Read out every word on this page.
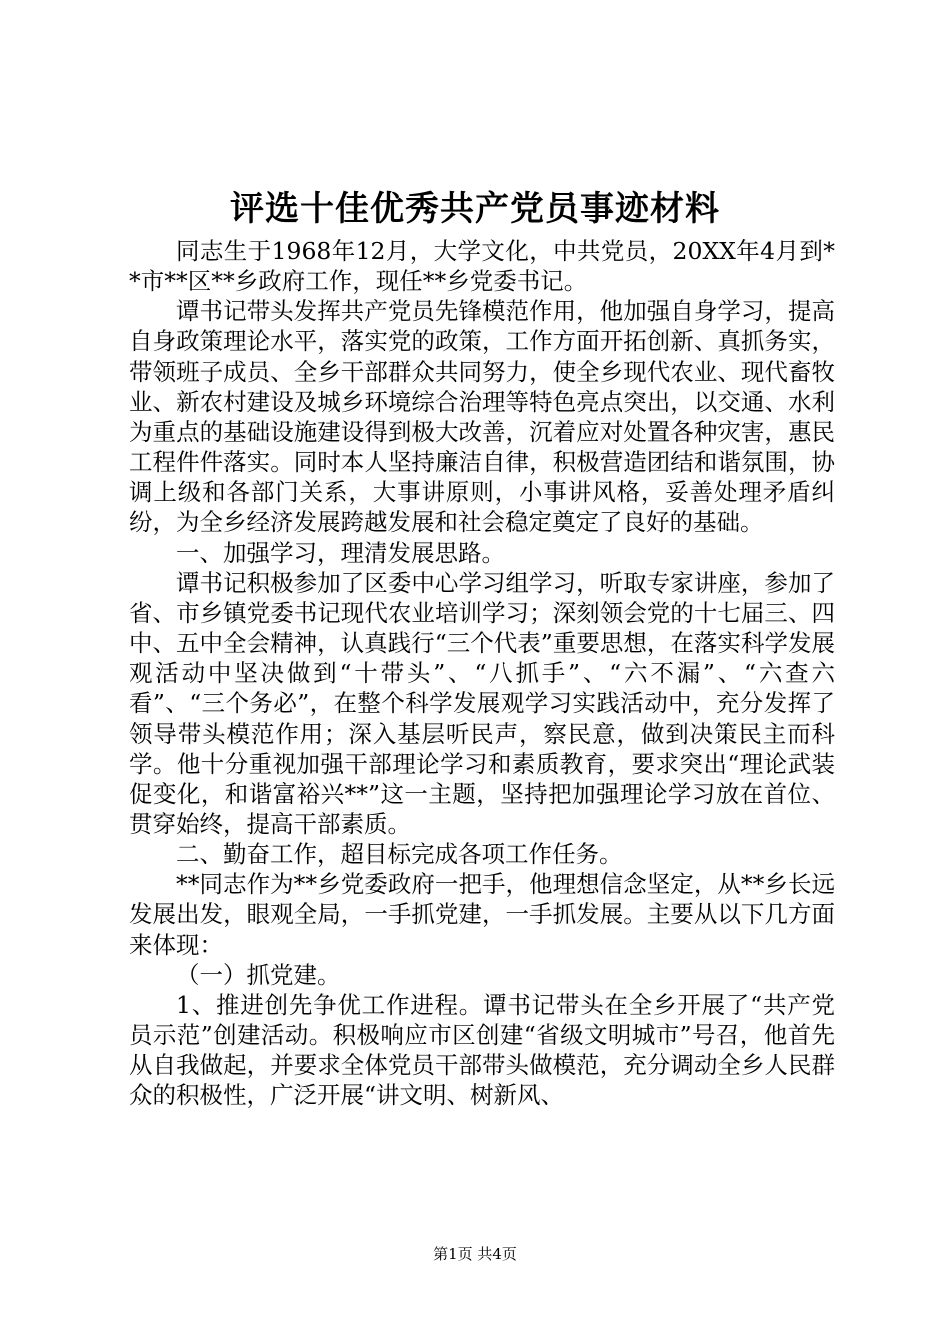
评选十佳优秀共产党员事迹材料

同志生于1968年12月，大学文化，中共党员，20XX年4月到**市**区**乡政府工作，现任**乡党委书记。

谭书记带头发挥共产党员先锋模范作用，他加强自身学习，提高自身政策理论水平，落实党的政策，工作方面开拓创新、真抓务实，带领班子成员、全乡干部群众共同努力，使全乡现代农业、现代畜牧业、新农村建设及城乡环境综合治理等特色亮点突出，以交通、水利为重点的基础设施建设得到极大改善，沉着应对处置各种灾害，惠民工程件件落实。同时本人坚持廉洁自律，积极营造团结和谐氛围，协调上级和各部门关系，大事讲原则，小事讲风格，妥善处理矛盾纠纷，为全乡经济发展跨越发展和社会稳定奠定了良好的基础。

一、加强学习，理清发展思路。

谭书记积极参加了区委中心学习组学习，听取专家讲座，参加了省、市乡镇党委书记现代农业培训学习；深刻领会党的十七届三、四中、五中全会精神，认真践行“三个代表”重要思想，在落实科学发展观活动中坚决做到“十带头”、“八抓手”、“六不漏”、“六查六看”、“三个务必”，在整个科学发展观学习实践活动中，充分发挥了领导带头模范作用；深入基层听民声，察民意，做到决策民主而科学。他十分重视加强干部理论学习和素质教育，要求突出“理论武装促变化，和谐富裕兴**”这一主题，坚持把加强理论学习放在首位、贯穿始终，提高干部素质。

二、勤奋工作，超目标完成各项工作任务。

**同志作为**乡党委政府一把手，他理想信念坚定，从**乡长远发展出发，眼观全局，一手抓党建，一手抓发展。主要从以下几方面来体现：

（一）抓党建。

1、推进创先争优工作进程。谭书记带头在全乡开展了“共产党员示范”创建活动。积极响应市区创建“省级文明城市”号召，他首先从自我做起，并要求全体党员干部带头做模范，充分调动全乡人民群众的积极性，广泛开展“讲文明、树新风、

第1页 共4页
